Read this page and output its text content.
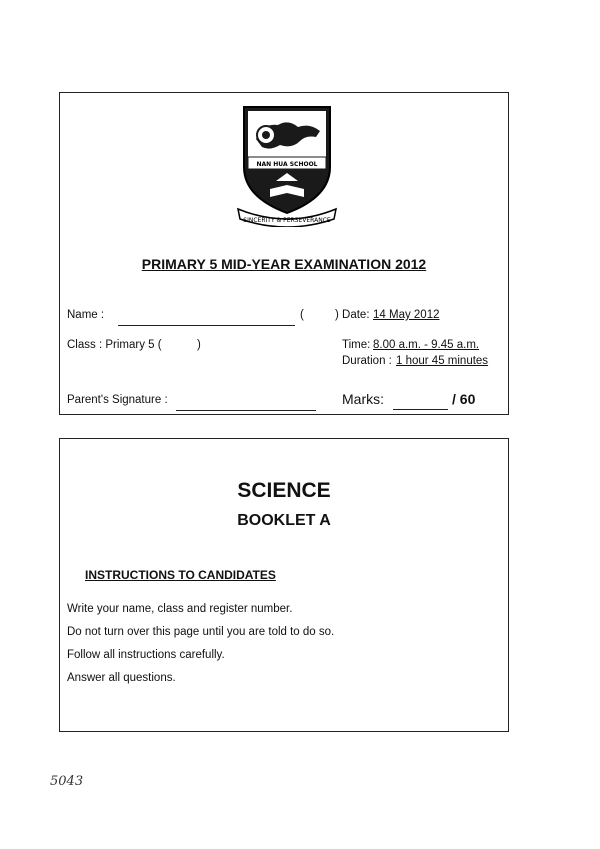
NAN HUA SCHOOL
SINCERITY & PERSEVERANCE
PRIMARY 5 MID-YEAR EXAMINATION 2012
Name :	(	) Date: 14 May 2012
Class : Primary 5 (	)	Time: 8.00 a.m. - 9.45 a.m.
Duration : 1 hour 45 minutes
Parent's Signature :	Marks:	/ 60
SCIENCE
BOOKLET A
INSTRUCTIONS TO CANDIDATES
Write your name, class and register number.
Do not turn over this page until you are told to do so.
Follow all instructions carefully.
Answer all questions.
5043
